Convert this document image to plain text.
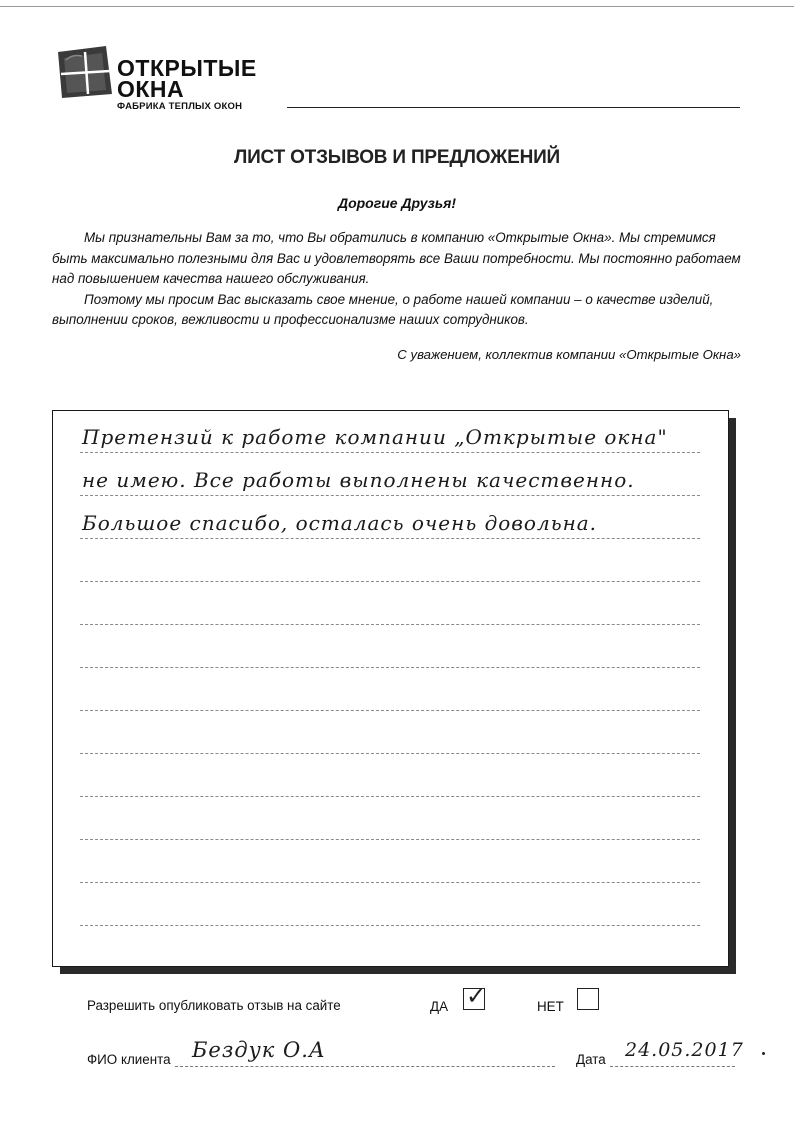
ОТКРЫТЫЕ
ОКНА
ФАБРИКА ТЕПЛЫХ ОКОН
ЛИСТ ОТЗЫВОВ И ПРЕДЛОЖЕНИЙ
Дорогие Друзья!

Мы признательны Вам за то, что Вы обратились в компанию «Открытые Окна». Мы стремимся быть максимально полезными для Вас и удовлетворять все Ваши потребности. Мы постоянно работаем над повышением качества нашего обслуживания.

Поэтому мы просим Вас высказать свое мнение, о работе нашей компании – о качестве изделий, выполнении сроков, вежливости и профессионализме наших сотрудников.

С уважением, коллектив компании «Открытые Окна»
Претензий к работе компании „Открытые окна"
не имею. Все работы выполнены качественно.
Большое спасибо, осталась очень довольна.
Разрешить опубликовать отзыв на сайте	ДА ✓	НЕТ
ФИО клиента Бездук О.А	Дата 24.05.2017
